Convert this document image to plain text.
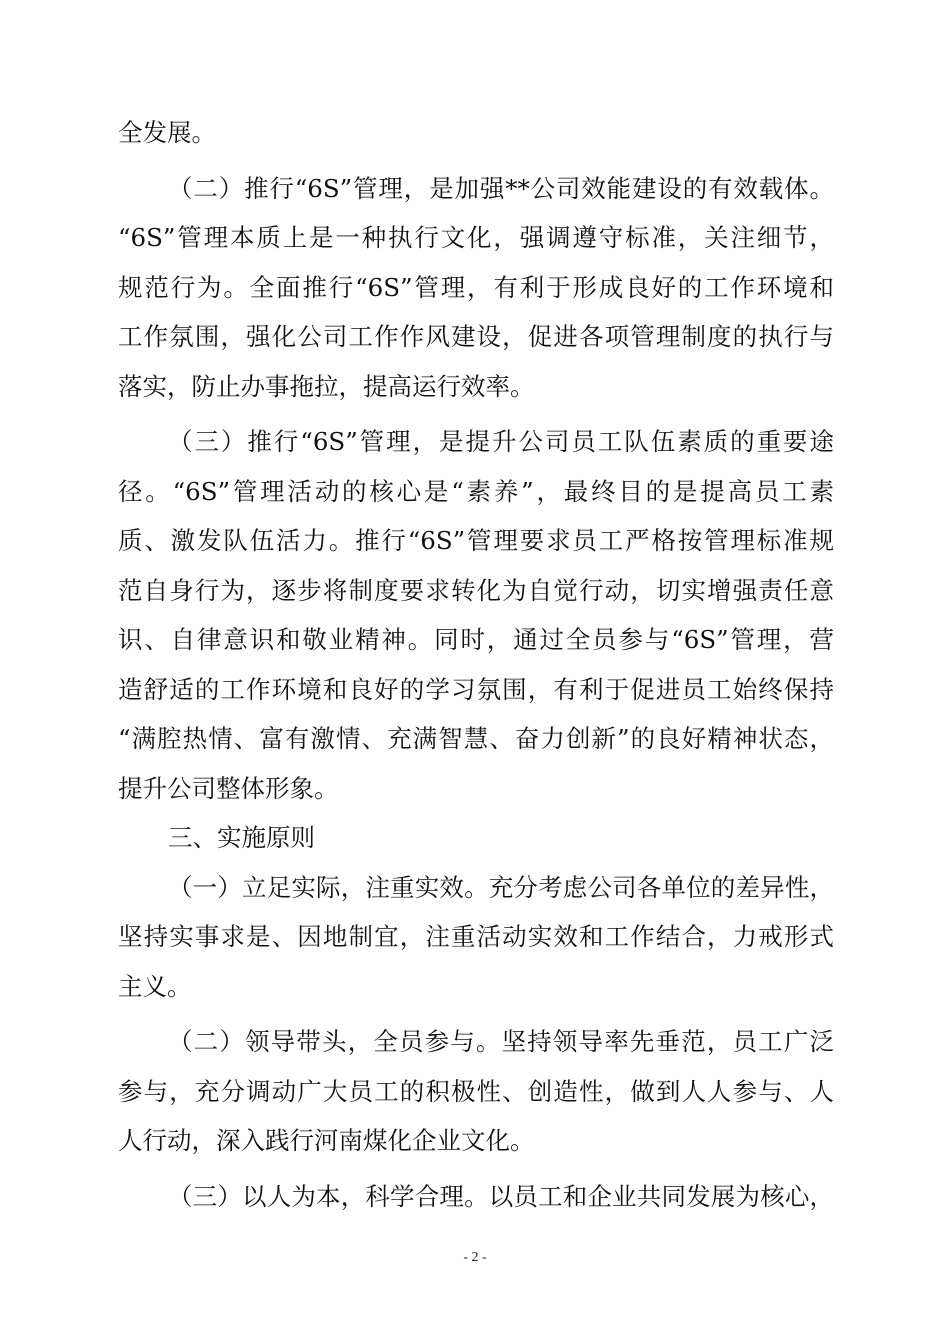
全发展。
（二）推行“6S”管理，是加强**公司效能建设的有效载体。
“6S”管理本质上是一种执行文化，强调遵守标准，关注细节，
规范行为。全面推行“6S”管理，有利于形成良好的工作环境和
工作氛围，强化公司工作作风建设，促进各项管理制度的执行与
落实，防止办事拖拉，提高运行效率。
（三）推行“6S”管理，是提升公司员工队伍素质的重要途
径。“6S”管理活动的核心是“素养”，最终目的是提高员工素
质、激发队伍活力。推行“6S”管理要求员工严格按管理标准规
范自身行为，逐步将制度要求转化为自觉行动，切实增强责任意
识、自律意识和敬业精神。同时，通过全员参与“6S”管理，营
造舒适的工作环境和良好的学习氛围，有利于促进员工始终保持
“满腔热情、富有激情、充满智慧、奋力创新”的良好精神状态，
提升公司整体形象。
三、实施原则
（一）立足实际，注重实效。充分考虑公司各单位的差异性，
坚持实事求是、因地制宜，注重活动实效和工作结合，力戒形式
主义。
（二）领导带头，全员参与。坚持领导率先垂范，员工广泛
参与，充分调动广大员工的积极性、创造性，做到人人参与、人
人行动，深入践行河南煤化企业文化。
（三）以人为本，科学合理。以员工和企业共同发展为核心，
- 2 -
